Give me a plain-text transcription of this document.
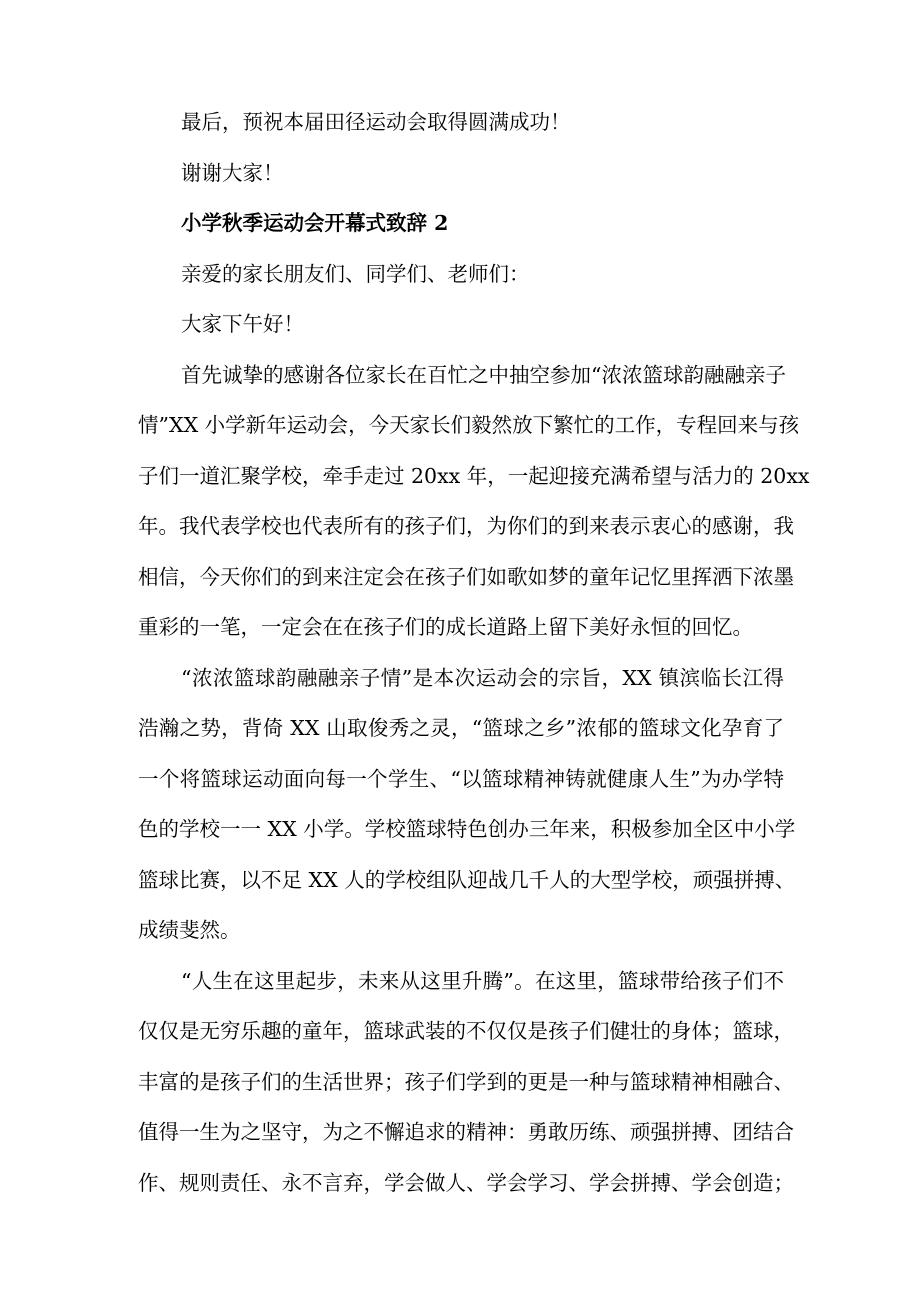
最后，预祝本届田径运动会取得圆满成功！
谢谢大家！
小学秋季运动会开幕式致辞 2
亲爱的家长朋友们、同学们、老师们：
大家下午好！
首先诚挚的感谢各位家长在百忙之中抽空参加“浓浓篮球韵融融亲子
情”XX 小学新年运动会，今天家长们毅然放下繁忙的工作，专程回来与孩
子们一道汇聚学校，牵手走过 20xx 年，一起迎接充满希望与活力的 20xx
年。我代表学校也代表所有的孩子们，为你们的到来表示衷心的感谢，我
相信，今天你们的到来注定会在孩子们如歌如梦的童年记忆里挥洒下浓墨
重彩的一笔，一定会在在孩子们的成长道路上留下美好永恒的回忆。
“浓浓篮球韵融融亲子情”是本次运动会的宗旨，XX 镇滨临长江得
浩瀚之势，背倚 XX 山取俊秀之灵，“篮球之乡”浓郁的篮球文化孕育了
一个将篮球运动面向每一个学生、“以篮球精神铸就健康人生”为办学特
色的学校一一 XX 小学。学校篮球特色创办三年来，积极参加全区中小学
篮球比赛，以不足 XX 人的学校组队迎战几千人的大型学校，顽强拼搏、
成绩斐然。
“人生在这里起步，未来从这里升腾”。在这里，篮球带给孩子们不
仅仅是无穷乐趣的童年，篮球武装的不仅仅是孩子们健壮的身体；篮球，
丰富的是孩子们的生活世界；孩子们学到的更是一种与篮球精神相融合、
值得一生为之坚守，为之不懈追求的精神：勇敢历练、顽强拼搏、团结合
作、规则责任、永不言弃，学会做人、学会学习、学会拼搏、学会创造；
